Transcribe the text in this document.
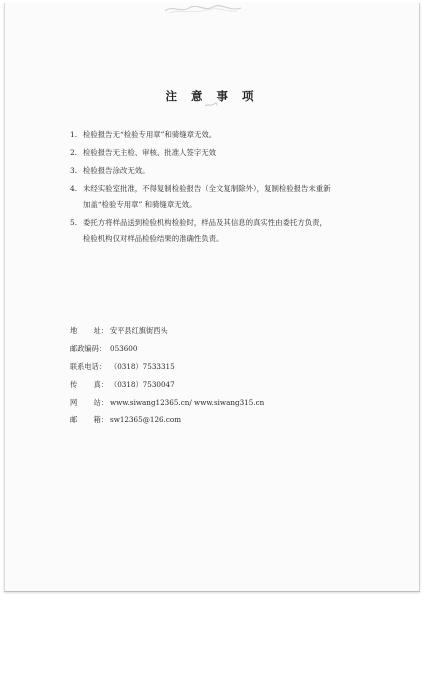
注 意 事 项
1. 检验报告无“检验专用章”和骑缝章无效。
2. 检验报告无主检、审核、批准人签字无效
3. 检验报告涂改无效。
4. 未经实验室批准，不得复制检验报告（全文复制除外），复制检验报告未重新
加盖“检验专用章” 和骑缝章无效。
5. 委托方将样品送到检验机构检验时，样品及其信息的真实性由委托方负责，
检验机构仅对样品检验结果的准确性负责。
地 址： 安平县红旗街西头
邮政编码： 053600
联系电话： （0318）7533315
传 真： （0318）7530047
网 站： www.siwang12365.cn/ www.siwang315.cn
邮 箱： sw12365@126.com
